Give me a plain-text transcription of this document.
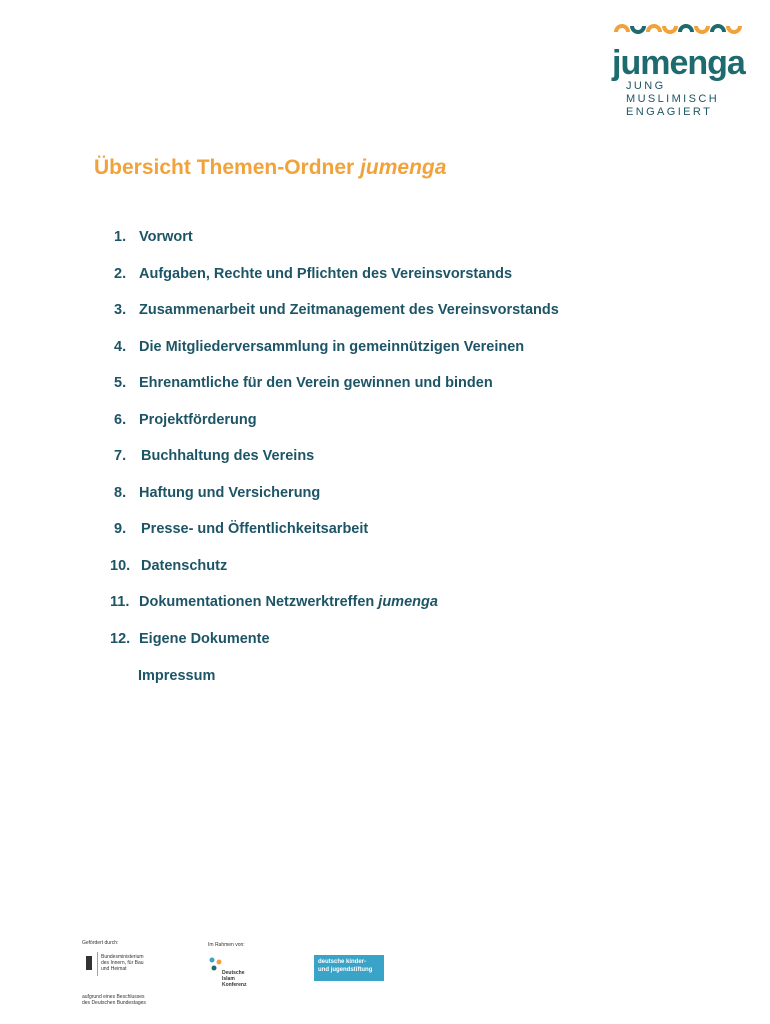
jumenga
JUNG
MUSLIMISCH
ENGAGIERT
Übersicht Themen-Ordner jumenga
1. Vorwort
2. Aufgaben, Rechte und Pflichten des Vereinsvorstands
3. Zusammenarbeit und Zeitmanagement des Vereinsvorstands
4. Die Mitgliederversammlung in gemeinnützigen Vereinen
5. Ehrenamtliche für den Verein gewinnen und binden
6. Projektförderung
7. Buchhaltung des Vereins
8. Haftung und Versicherung
9. Presse- und Öffentlichkeitsarbeit
10. Datenschutz
11. Dokumentationen Netzwerktreffen jumenga
12. Eigene Dokumente
Impressum
Gefördert durch:
Bundesministerium
des Innern, für Bau
und Heimat
aufgrund eines Beschlusses
des Deutschen Bundestages
Im Rahmen von:
Deutsche
Islam
Konferenz
deutsche kinder-
und jugendstiftung
